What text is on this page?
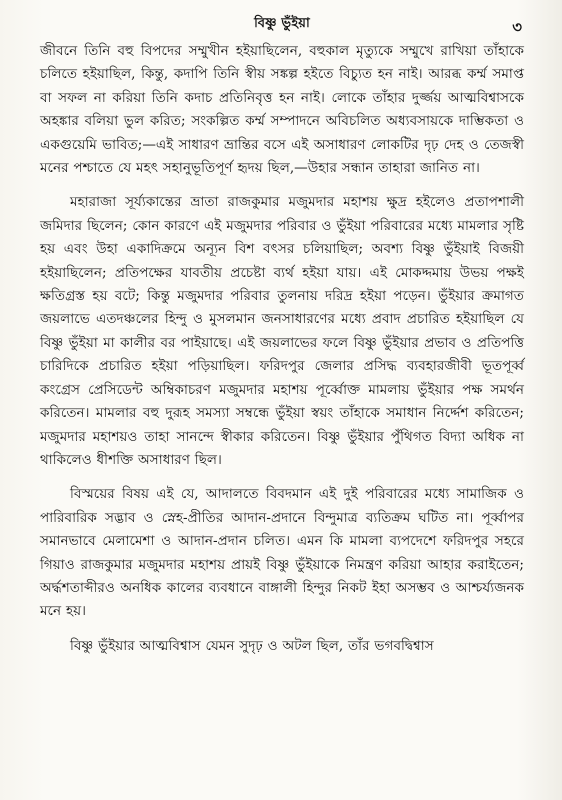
বিষ্ণু ভুঁইয়া	৩

জীবনে তিনি বহু বিপদের সম্মুখীন হইয়াছিলেন, বহুকাল মৃত্যুকে সম্মুখে রাখিয়া তাঁহাকে চলিতে হইয়াছিল, কিন্তু, কদাপি তিনি স্বীয় সঙ্কল্প হইতে বিচ্যুত হন নাই। আরব্ধ কর্ম্ম সমাপ্ত বা সফল না করিয়া তিনি কদাচ প্রতিনিবৃত্ত হন নাই। লোকে তাঁহার দুর্জ্জয় আত্মবিশ্বাসকে অহঙ্কার বলিয়া ভুল করিত; সংকল্পিত কর্ম্ম সম্পাদনে অবিচলিত অধ্যবসায়কে দাম্ভিকতা ও একগুয়েমি ভাবিত;—এই সাধারণ ভ্রান্তির বসে এই অসাধারণ লোকটির দৃঢ় দেহ ও তেজস্বী মনের পশ্চাতে যে মহৎ সহানুভূতিপূর্ণ হৃদয় ছিল,—উহার সন্ধান তাহারা জানিত না।

মহারাজা সূর্য্যকান্তের ভ্রাতা রাজকুমার মজুমদার মহাশয় ক্ষুদ্র হইলেও প্রতাপশালী জমিদার ছিলেন; কোন কারণে এই মজুমদার পরিবার ও ভুঁইয়া পরিবারের মধ্যে মামলার সৃষ্টি হয় এবং উহা একাদিক্রমে অন্যূন বিশ বৎসর চলিয়াছিল; অবশ্য বিষ্ণু ভুঁইয়াই বিজয়ী হইয়াছিলেন; প্রতিপক্ষের যাবতীয় প্রচেষ্টা ব্যর্থ হইয়া যায়। এই মোকদ্দমায় উভয় পক্ষই ক্ষতিগ্রস্ত হয় বটে; কিন্তু মজুমদার পরিবার তুলনায় দরিদ্র হইয়া পড়েন। ভুঁইয়ার ক্রমাগত জয়লাভে এতদঞ্চলের হিন্দু ও মুসলমান জনসাধারণের মধ্যে প্রবাদ প্রচারিত হইয়াছিল যে বিষ্ণু ভুঁইয়া মা কালীর বর পাইয়াছে। এই জয়লাভের ফলে বিষ্ণু ভুঁইয়ার প্রভাব ও প্রতিপত্তি চারিদিকে প্রচারিত হইয়া পড়িয়াছিল। ফরিদপুর জেলার প্রসিদ্ধ ব্যবহারজীবী ভূতপূর্ব্ব কংগ্রেস প্রেসিডেন্ট অম্বিকাচরণ মজুমদার মহাশয় পূর্ব্বোক্ত মামলায় ভুঁইয়ার পক্ষ সমর্থন করিতেন। মামলার বহু দুরূহ সমস্যা সম্বন্ধে ভুঁইয়া স্বয়ং তাঁহাকে সমাধান নির্দ্দেশ করিতেন; মজুমদার মহাশয়ও তাহা সানন্দে স্বীকার করিতেন। বিষ্ণু ভুঁইয়ার পুঁথিগত বিদ্যা অধিক না থাকিলেও ধীশক্তি অসাধারণ ছিল।

বিস্ময়ের বিষয় এই যে, আদালতে বিবদমান এই দুই পরিবারের মধ্যে সামাজিক ও পারিবারিক সদ্ভাব ও স্নেহ-প্রীতির আদান-প্রদানে বিন্দুমাত্র ব্যতিক্রম ঘটিত না। পূর্ব্বাপর সমানভাবে মেলামেশা ও আদান-প্রদান চলিত। এমন কি মামলা ব্যপদেশে ফরিদপুর সহরে গিয়াও রাজকুমার মজুমদার মহাশয় প্রায়ই বিষ্ণু ভুঁইয়াকে নিমন্ত্রণ করিয়া আহার করাইতেন; অর্দ্ধশতাব্দীরও অনধিক কালের ব্যবধানে বাঙ্গালী হিন্দুর নিকট ইহা অসম্ভব ও আশ্চর্য্যজনক মনে হয়।

বিষ্ণু ভুঁইয়ার আত্মবিশ্বাস যেমন সুদৃঢ় ও অটল ছিল, তাঁর ভগবদ্বিশ্বাস
